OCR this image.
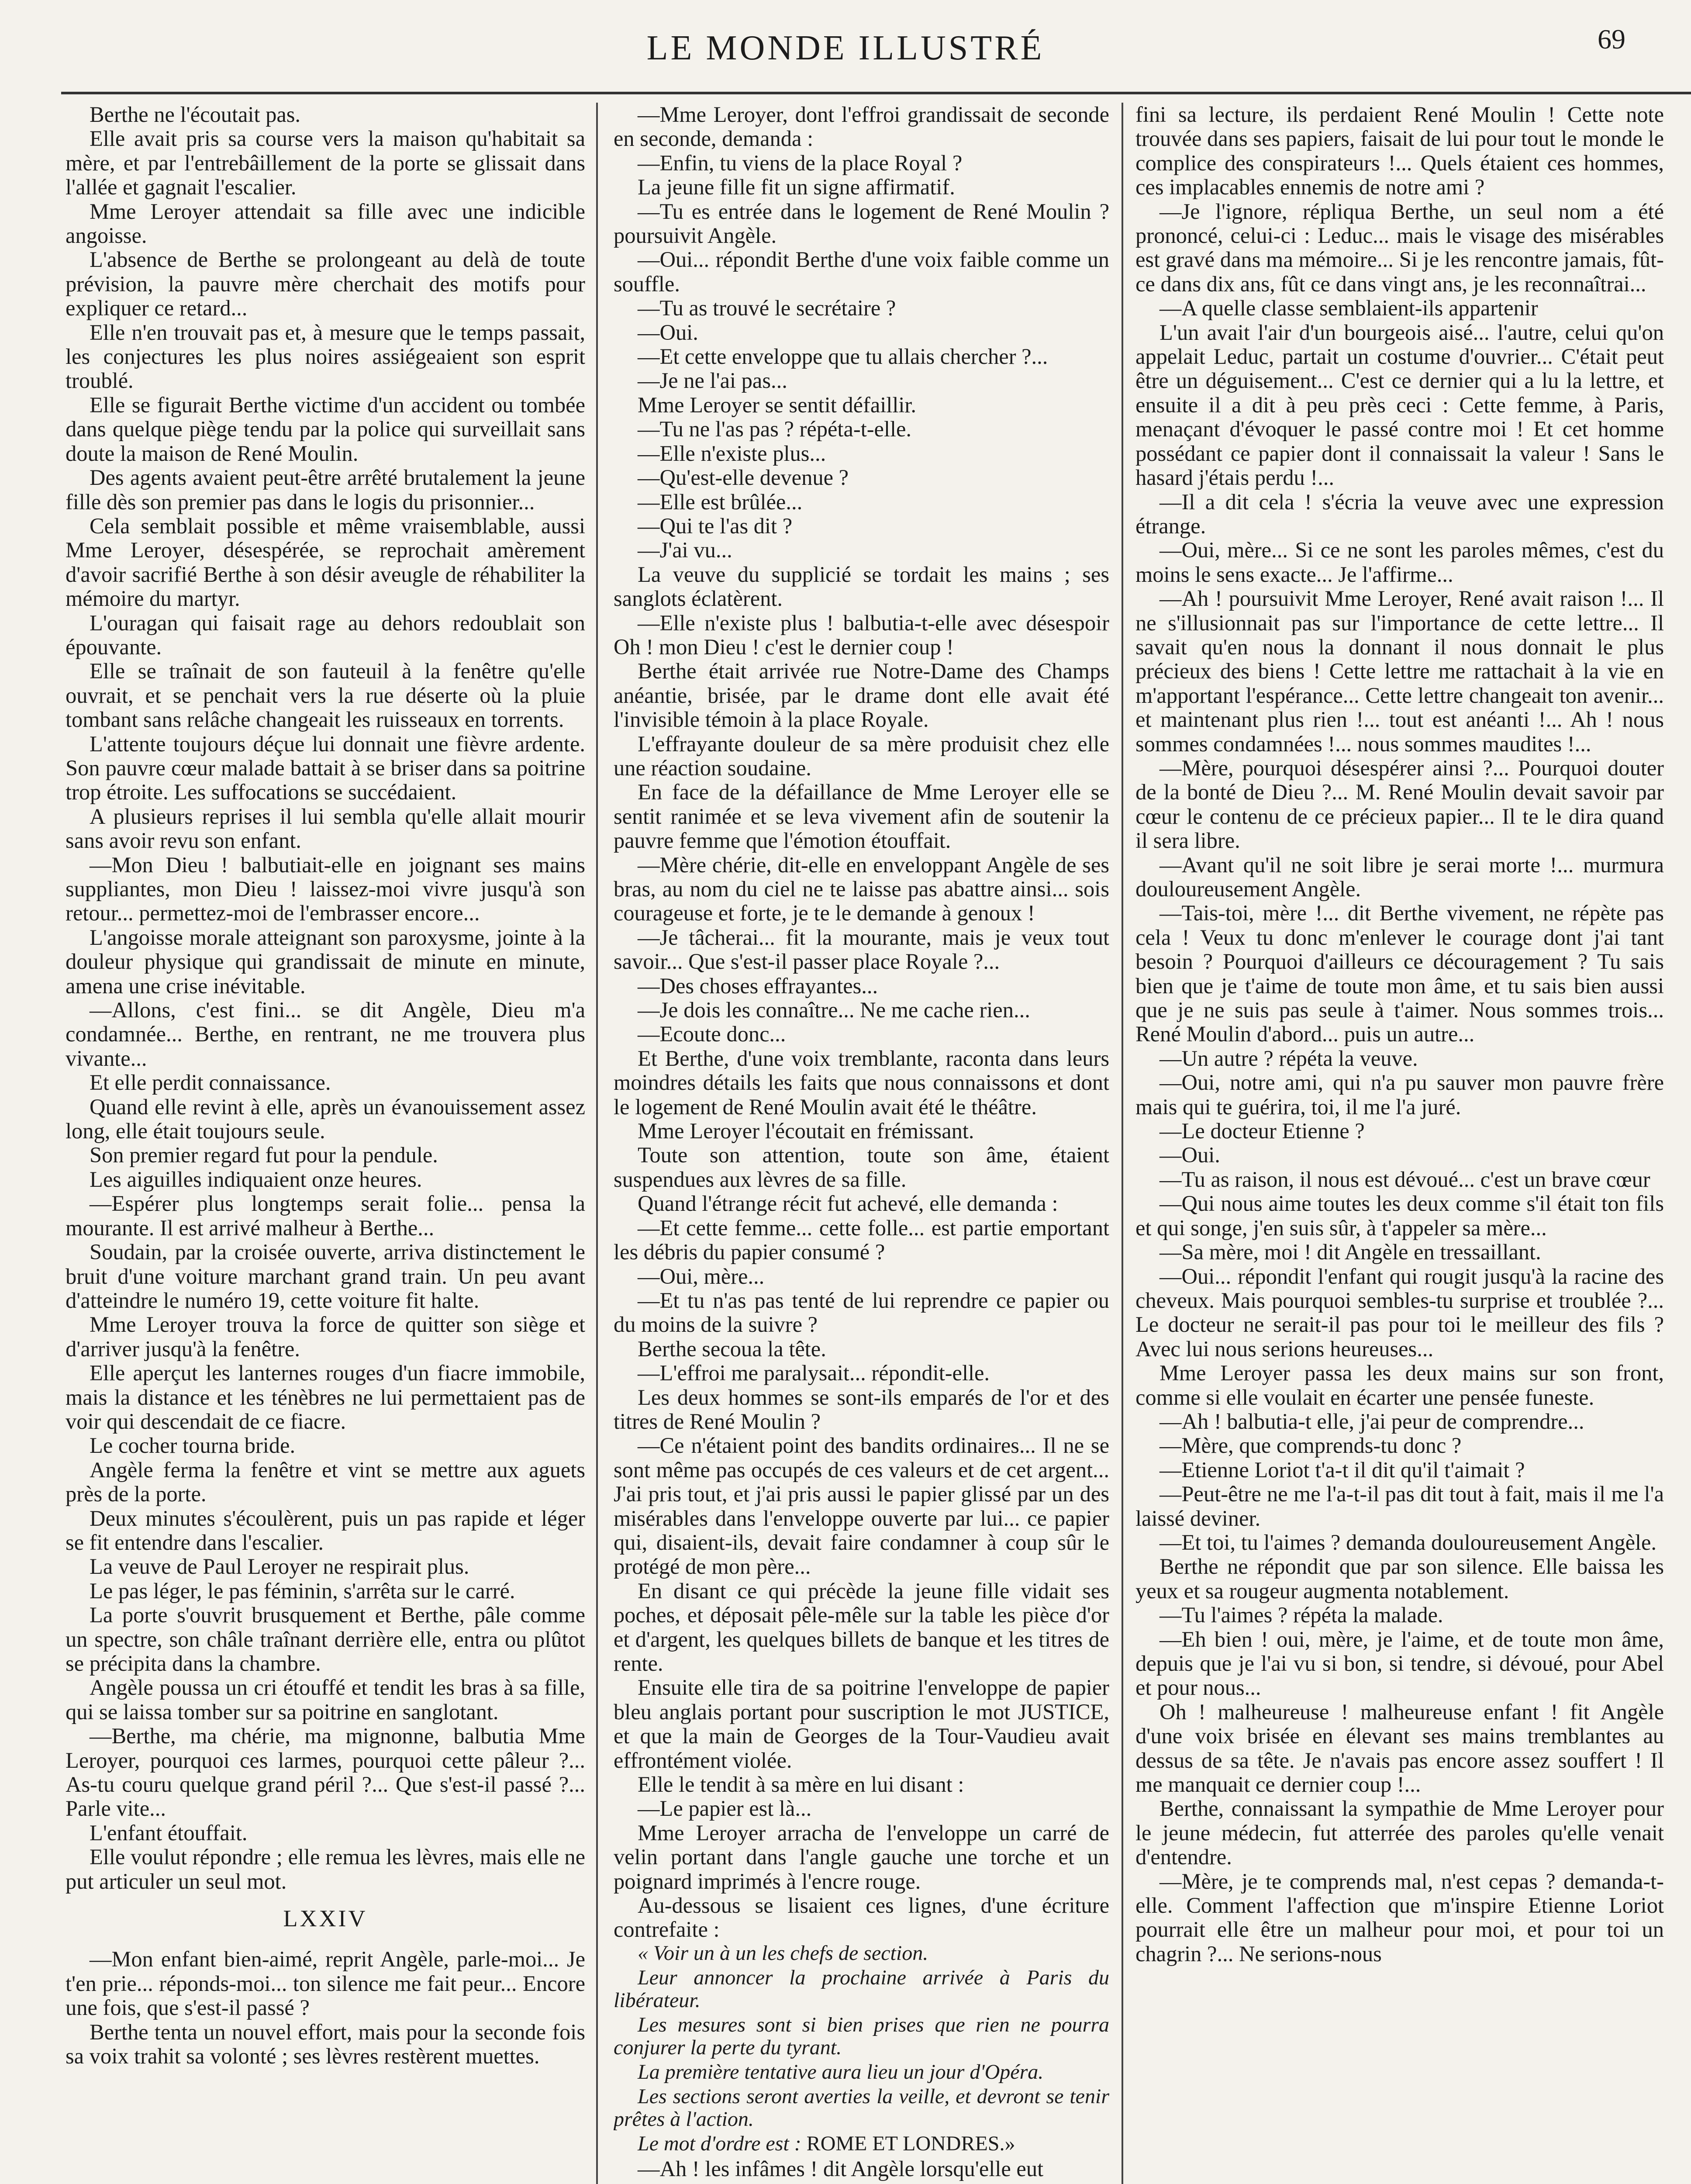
LE MONDE ILLUSTRÉ	69

Berthe ne l'écoutait pas.

Elle avait pris sa course vers la maison qu'habitait sa mère, et par l'entrebâillement de la porte se glissait dans l'allée et gagnait l'escalier.

Mme Leroyer attendait sa fille avec une indicible angoisse.

L'absence de Berthe se prolongeant au delà de toute prévision, la pauvre mère cherchait des motifs pour expliquer ce retard...

Elle n'en trouvait pas et, à mesure que le temps passait, les conjectures les plus noires assiégeaient son esprit troublé.

Elle se figurait Berthe victime d'un accident ou tombée dans quelque piège tendu par la police qui surveillait sans doute la maison de René Moulin.

Des agents avaient peut-être arrêté brutalement la jeune fille dès son premier pas dans le logis du prisonnier...

Cela semblait possible et même vraisemblable, aussi Mme Leroyer, désespérée, se reprochait amèrement d'avoir sacrifié Berthe à son désir aveugle de réhabiliter la mémoire du martyr.

L'ouragan qui faisait rage au dehors redoublait son épouvante.

Elle se traînait de son fauteuil à la fenêtre qu'elle ouvrait, et se penchait vers la rue déserte où la pluie tombant sans relâche changeait les ruisseaux en torrents.

L'attente toujours déçue lui donnait une fièvre ardente. Son pauvre cœur malade battait à se briser dans sa poitrine trop étroite. Les suffocations se succédaient.

A plusieurs reprises il lui sembla qu'elle allait mourir sans avoir revu son enfant.

—Mon Dieu ! balbutiait-elle en joignant ses mains suppliantes, mon Dieu ! laissez-moi vivre jusqu'à son retour... permettez-moi de l'embrasser encore...

L'angoisse morale atteignant son paroxysme, jointe à la douleur physique qui grandissait de minute en minute, amena une crise inévitable.

—Allons, c'est fini... se dit Angèle, Dieu m'a condamnée... Berthe, en rentrant, ne me trouvera plus vivante...

Et elle perdit connaissance.

Quand elle revint à elle, après un évanouissement assez long, elle était toujours seule.

Son premier regard fut pour la pendule.

Les aiguilles indiquaient onze heures.

—Espérer plus longtemps serait folie... pensa la mourante. Il est arrivé malheur à Berthe...

Soudain, par la croisée ouverte, arriva distinctement le bruit d'une voiture marchant grand train. Un peu avant d'atteindre le numéro 19, cette voiture fit halte.

Mme Leroyer trouva la force de quitter son siège et d'arriver jusqu'à la fenêtre.

Elle aperçut les lanternes rouges d'un fiacre immobile, mais la distance et les ténèbres ne lui permettaient pas de voir qui descendait de ce fiacre.

Le cocher tourna bride.

Angèle ferma la fenêtre et vint se mettre aux aguets près de la porte.

Deux minutes s'écoulèrent, puis un pas rapide et léger se fit entendre dans l'escalier.

La veuve de Paul Leroyer ne respirait plus.

Le pas léger, le pas féminin, s'arrêta sur le carré.

La porte s'ouvrit brusquement et Berthe, pâle comme un spectre, son châle traînant derrière elle, entra ou plûtot se précipita dans la chambre.

Angèle poussa un cri étouffé et tendit les bras à sa fille, qui se laissa tomber sur sa poitrine en sanglotant.

—Berthe, ma chérie, ma mignonne, balbutia Mme Leroyer, pourquoi ces larmes, pourquoi cette pâleur ?... As-tu couru quelque grand péril ?... Que s'est-il passé ?... Parle vite...

L'enfant étouffait.

Elle voulut répondre ; elle remua les lèvres, mais elle ne put articuler un seul mot.

LXXIV

—Mon enfant bien-aimé, reprit Angèle, parle-moi... Je t'en prie... réponds-moi... ton silence me fait peur... Encore une fois, que s'est-il passé ?

Berthe tenta un nouvel effort, mais pour la seconde fois sa voix trahit sa volonté ; ses lèvres restèrent muettes.

—Mme Leroyer, dont l'effroi grandissait de seconde en seconde, demanda :

—Enfin, tu viens de la place Royal ?

La jeune fille fit un signe affirmatif.

—Tu es entrée dans le logement de René Moulin ? poursuivit Angèle.

—Oui... répondit Berthe d'une voix faible comme un souffle.

—Tu as trouvé le secrétaire ?

—Oui.

—Et cette enveloppe que tu allais chercher ?...

—Je ne l'ai pas...

Mme Leroyer se sentit défaillir.

—Tu ne l'as pas ? répéta-t-elle.

—Elle n'existe plus...

—Qu'est-elle devenue ?

—Elle est brûlée...

—Qui te l'as dit ?

—J'ai vu...

La veuve du supplicié se tordait les mains ; ses sanglots éclatèrent.

—Elle n'existe plus ! balbutia-t-elle avec désespoir Oh ! mon Dieu ! c'est le dernier coup !

Berthe était arrivée rue Notre-Dame des Champs anéantie, brisée, par le drame dont elle avait été l'invisible témoin à la place Royale.

L'effrayante douleur de sa mère produisit chez elle une réaction soudaine.

En face de la défaillance de Mme Leroyer elle se sentit ranimée et se leva vivement afin de soutenir la pauvre femme que l'émotion étouffait.

—Mère chérie, dit-elle en enveloppant Angèle de ses bras, au nom du ciel ne te laisse pas abattre ainsi... sois courageuse et forte, je te le demande à genoux !

—Je tâcherai... fit la mourante, mais je veux tout savoir... Que s'est-il passer place Royale ?...

—Des choses effrayantes...

—Je dois les connaître... Ne me cache rien...

—Ecoute donc...

Et Berthe, d'une voix tremblante, raconta dans leurs moindres détails les faits que nous connaissons et dont le logement de René Moulin avait été le théâtre.

Mme Leroyer l'écoutait en frémissant.

Toute son attention, toute son âme, étaient suspendues aux lèvres de sa fille.

Quand l'étrange récit fut achevé, elle demanda :

—Et cette femme... cette folle... est partie emportant les débris du papier consumé ?

—Oui, mère...

—Et tu n'as pas tenté de lui reprendre ce papier ou du moins de la suivre ?

Berthe secoua la tête.

—L'effroi me paralysait... répondit-elle.

Les deux hommes se sont-ils emparés de l'or et des titres de René Moulin ?

—Ce n'étaient point des bandits ordinaires... Il ne se sont même pas occupés de ces valeurs et de cet argent... J'ai pris tout, et j'ai pris aussi le papier glissé par un des misérables dans l'enveloppe ouverte par lui... ce papier qui, disaient-ils, devait faire condamner à coup sûr le protégé de mon père...

En disant ce qui précède la jeune fille vidait ses poches, et déposait pêle-mêle sur la table les pièce d'or et d'argent, les quelques billets de banque et les titres de rente.

Ensuite elle tira de sa poitrine l'enveloppe de papier bleu anglais portant pour suscription le mot JUSTICE, et que la main de Georges de la Tour-Vaudieu avait effrontément violée.

Elle le tendit à sa mère en lui disant :

—Le papier est là...

Mme Leroyer arracha de l'enveloppe un carré de velin portant dans l'angle gauche une torche et un poignard imprimés à l'encre rouge.

Au-dessous se lisaient ces lignes, d'une écriture contrefaite :

« Voir un à un les chefs de section.

Leur annoncer la prochaine arrivée à Paris du libérateur.

Les mesures sont si bien prises que rien ne pourra conjurer la perte du tyrant.

La première tentative aura lieu un jour d'Opéra.

Les sections seront averties la veille, et devront se tenir prêtes à l'action.

Le mot d'ordre est : ROME ET LONDRES.»

—Ah ! les infâmes ! dit Angèle lorsqu'elle eut

fini sa lecture, ils perdaient René Moulin ! Cette note trouvée dans ses papiers, faisait de lui pour tout le monde le complice des conspirateurs !... Quels étaient ces hommes, ces implacables ennemis de notre ami ?

—Je l'ignore, répliqua Berthe, un seul nom a été prononcé, celui-ci : Leduc... mais le visage des misérables est gravé dans ma mémoire... Si je les rencontre jamais, fût-ce dans dix ans, fût ce dans vingt ans, je les reconnaîtrai...

—A quelle classe semblaient-ils appartenir

L'un avait l'air d'un bourgeois aisé... l'autre, celui qu'on appelait Leduc, partait un costume d'ouvrier... C'était peut être un déguisement... C'est ce dernier qui a lu la lettre, et ensuite il a dit à peu près ceci : Cette femme, à Paris, menaçant d'évoquer le passé contre moi ! Et cet homme possédant ce papier dont il connaissait la valeur ! Sans le hasard j'étais perdu !...

—Il a dit cela ! s'écria la veuve avec une expression étrange.

—Oui, mère... Si ce ne sont les paroles mêmes, c'est du moins le sens exacte... Je l'affirme...

—Ah ! poursuivit Mme Leroyer, René avait raison !... Il ne s'illusionnait pas sur l'importance de cette lettre... Il savait qu'en nous la donnant il nous donnait le plus précieux des biens ! Cette lettre me rattachait à la vie en m'apportant l'espérance... Cette lettre changeait ton avenir... et maintenant plus rien !... tout est anéanti !... Ah ! nous sommes condamnées !... nous sommes maudites !...

—Mère, pourquoi désespérer ainsi ?... Pourquoi douter de la bonté de Dieu ?... M. René Moulin devait savoir par cœur le contenu de ce précieux papier... Il te le dira quand il sera libre.

—Avant qu'il ne soit libre je serai morte !... murmura douloureusement Angèle.

—Tais-toi, mère !... dit Berthe vivement, ne répète pas cela ! Veux tu donc m'enlever le courage dont j'ai tant besoin ? Pourquoi d'ailleurs ce découragement ? Tu sais bien que je t'aime de toute mon âme, et tu sais bien aussi que je ne suis pas seule à t'aimer. Nous sommes trois... René Moulin d'abord... puis un autre...

—Un autre ? répéta la veuve.

—Oui, notre ami, qui n'a pu sauver mon pauvre frère mais qui te guérira, toi, il me l'a juré.

—Le docteur Etienne ?

—Oui.

—Tu as raison, il nous est dévoué... c'est un brave cœur

—Qui nous aime toutes les deux comme s'il était ton fils et qui songe, j'en suis sûr, à t'appeler sa mère...

—Sa mère, moi ! dit Angèle en tressaillant.

—Oui... répondit l'enfant qui rougit jusqu'à la racine des cheveux. Mais pourquoi sembles-tu surprise et troublée ?... Le docteur ne serait-il pas pour toi le meilleur des fils ? Avec lui nous serions heureuses...

Mme Leroyer passa les deux mains sur son front, comme si elle voulait en écarter une pensée funeste.

—Ah ! balbutia-t elle, j'ai peur de comprendre...

—Mère, que comprends-tu donc ?

—Etienne Loriot t'a-t il dit qu'il t'aimait ?

—Peut-être ne me l'a-t-il pas dit tout à fait, mais il me l'a laissé deviner.

—Et toi, tu l'aimes ? demanda douloureusement Angèle.

Berthe ne répondit que par son silence. Elle baissa les yeux et sa rougeur augmenta notablement.

—Tu l'aimes ? répéta la malade.

—Eh bien ! oui, mère, je l'aime, et de toute mon âme, depuis que je l'ai vu si bon, si tendre, si dévoué, pour Abel et pour nous...

Oh ! malheureuse ! malheureuse enfant ! fit Angèle d'une voix brisée en élevant ses mains tremblantes au dessus de sa tête. Je n'avais pas encore assez souffert ! Il me manquait ce dernier coup !...

Berthe, connaissant la sympathie de Mme Leroyer pour le jeune médecin, fut atterrée des paroles qu'elle venait d'entendre.

—Mère, je te comprends mal, n'est cepas ? demanda-t-elle. Comment l'affection que m'inspire Etienne Loriot pourrait elle être un malheur pour moi, et pour toi un chagrin ?... Ne serions-nous
